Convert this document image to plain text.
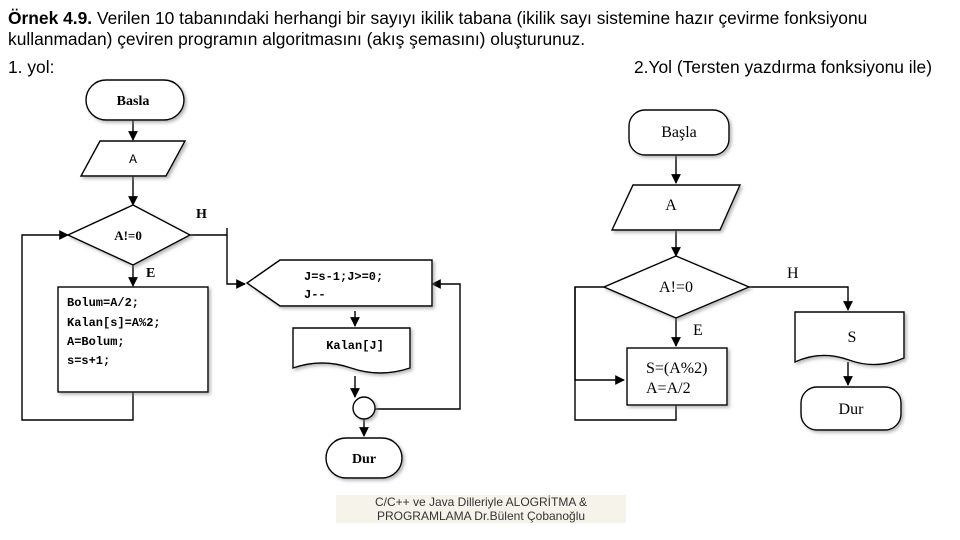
Örnek 4.9. Verilen 10 tabanındaki herhangi bir sayıyı ikilik tabana (ikilik sayı sistemine hazır çevirme fonksiyonu kullanmadan) çeviren programın algoritmasını (akış şemasını) oluşturunuz.
1. yol:	2.Yol (Tersten yazdırma fonksiyonu ile)
Basla
A
A!=0
H
E
Bolum=A/2;
Kalan[s]=A%2;
A=Bolum;
s=s+1;
J=s-1;J>=0;
J--
Kalan[J]
Dur
Başla
A
A!=0
H
E	S
S=(A%2)
A=A/2
Dur
C/C++ ve Java Dilleriyle ALOGRİTMA &
PROGRAMLAMA Dr.Bülent Çobanoğlu
